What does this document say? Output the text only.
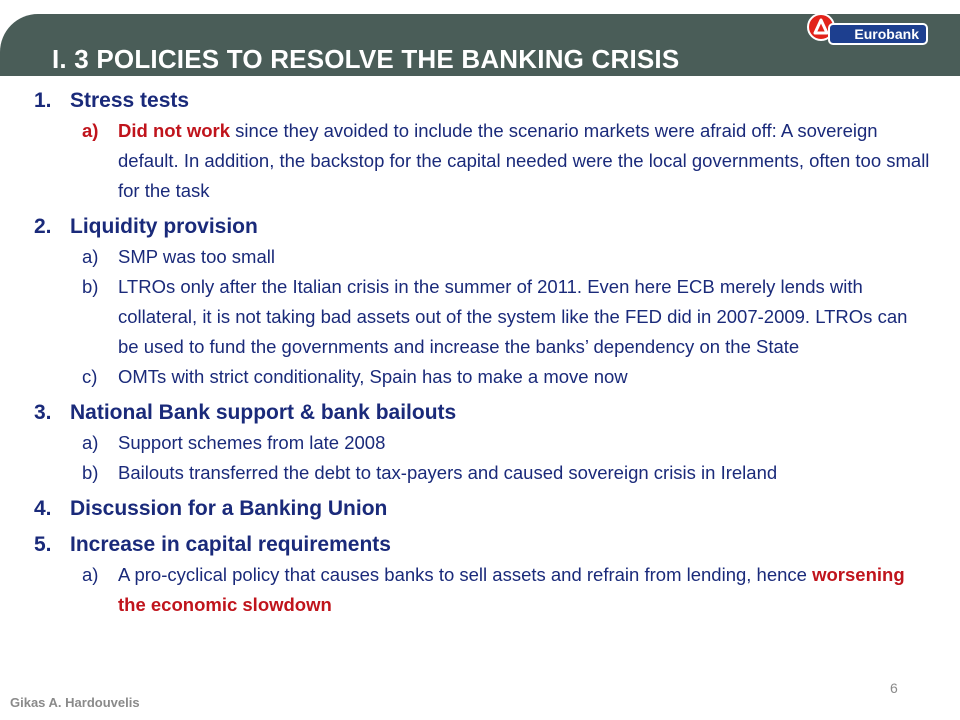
I. 3 POLICIES TO RESOLVE THE BANKING CRISIS
Eurobank
1. Stress tests
a) Did not work since they avoided to include the scenario markets were afraid off: A sovereign default. In addition, the backstop for the capital needed were the local governments, often too small for the task
2. Liquidity provision
a) SMP was too small
b) LTROs only after the Italian crisis in the summer of 2011. Even here ECB merely lends with collateral, it is not taking bad assets out of the system like the FED did in 2007-2009. LTROs can be used to fund the governments and increase the banks’ dependency on the State
c) OMTs with strict conditionality, Spain has to make a move now
3. National Bank support & bank bailouts
a) Support schemes from late 2008
b) Bailouts transferred the debt to tax-payers and caused sovereign crisis in Ireland
4. Discussion for a Banking Union
5. Increase in capital requirements
a) A pro-cyclical policy that causes banks to sell assets and refrain from lending, hence worsening the economic slowdown
6
Gikas A. Hardouvelis
